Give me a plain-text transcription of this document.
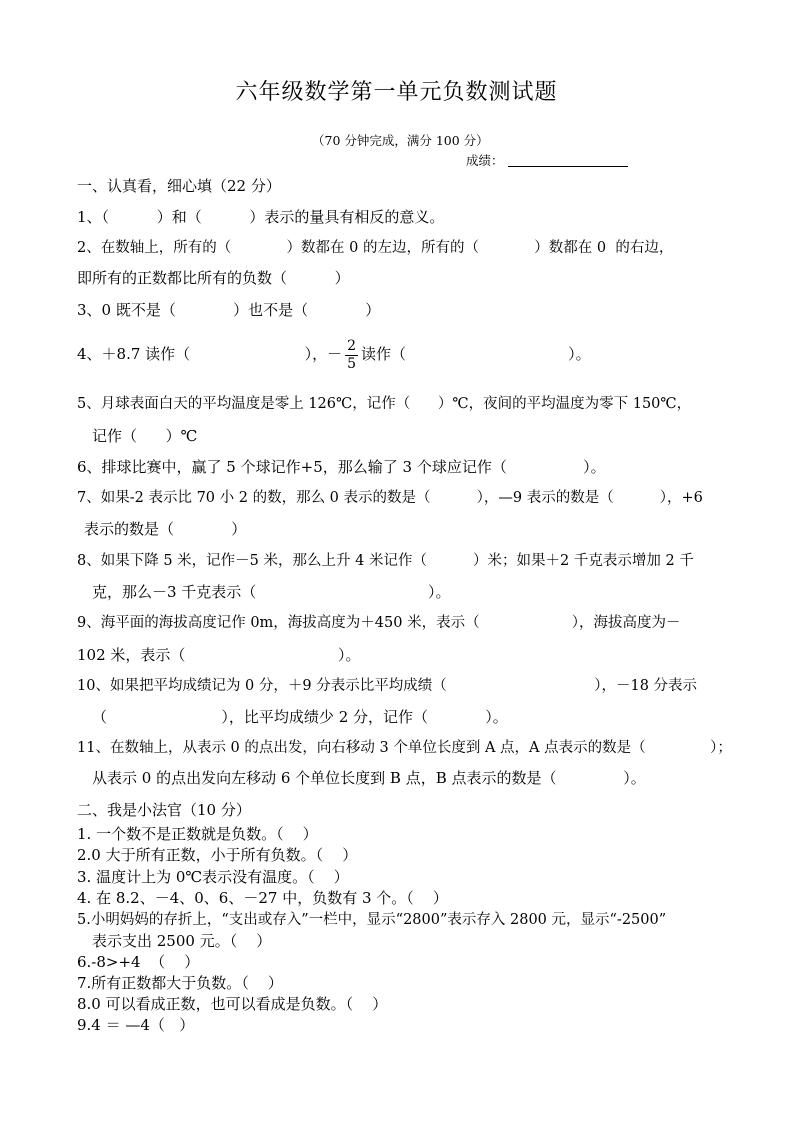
六年级数学第一单元负数测试题
（70 分钟完成，满分 100 分）
成绩：
一、认真看，细心填（22 分）
1、（          ）和（          ）表示的量具有相反的意义。
2、在数轴上，所有的（            ）数都在 0 的左边，所有的（            ）数都在 0  的右边，
即所有的正数都比所有的负数（          ）
3、0 既不是（            ）也不是（            ）
4、＋8.7 读作（                        ），－ $\frac{2}{5}$ 读作（                                  ）。
5、月球表面白天的平均温度是零上 126℃，记作（      ）℃，夜间的平均温度为零下 150℃，
记作（      ）℃
6、排球比赛中，赢了 5 个球记作+5，那么输了 3 个球应记作（                ）。
7、如果-2 表示比 70 小 2 的数，那么 0 表示的数是（          ），—9 表示的数是（          ），+6
表示的数是（            ）
8、如果下降 5 米，记作－5 米，那么上升 4 米记作（          ）米；如果＋2 千克表示增加 2 千
克，那么－3 千克表示（                                    ）。
9、海平面的海拔高度记作 0m，海拔高度为＋450 米，表示（                    ），海拔高度为－
102 米，表示（                                ）。
10、如果把平均成绩记为 0 分，＋9 分表示比平均成绩（                                ），－18 分表示
（                        ），比平均成绩少 2 分，记作（            ）。
11、在数轴上，从表示 0 的点出发，向右移动 3 个单位长度到 A 点，A 点表示的数是（              ）；
从表示 0 的点出发向左移动 6 个单位长度到 B 点，B 点表示的数是（              ）。
二、我是小法官（10 分）
1. 一个数不是正数就是负数。（    ）
2.0 大于所有正数，小于所有负数。（    ）
3. 温度计上为 0℃表示没有温度。（    ）
4. 在 8.2、－4、0、6、－27 中，负数有 3 个。（    ）
5.小明妈妈的存折上，“支出或存入”一栏中，显示“2800”表示存入 2800 元，显示“-2500”
表示支出 2500 元。（    ）
6.-8>+4  （    ）
7.所有正数都大于负数。（    ）
8.0 可以看成正数，也可以看成是负数。（    ）
9.4 ＝ —4（   ）
